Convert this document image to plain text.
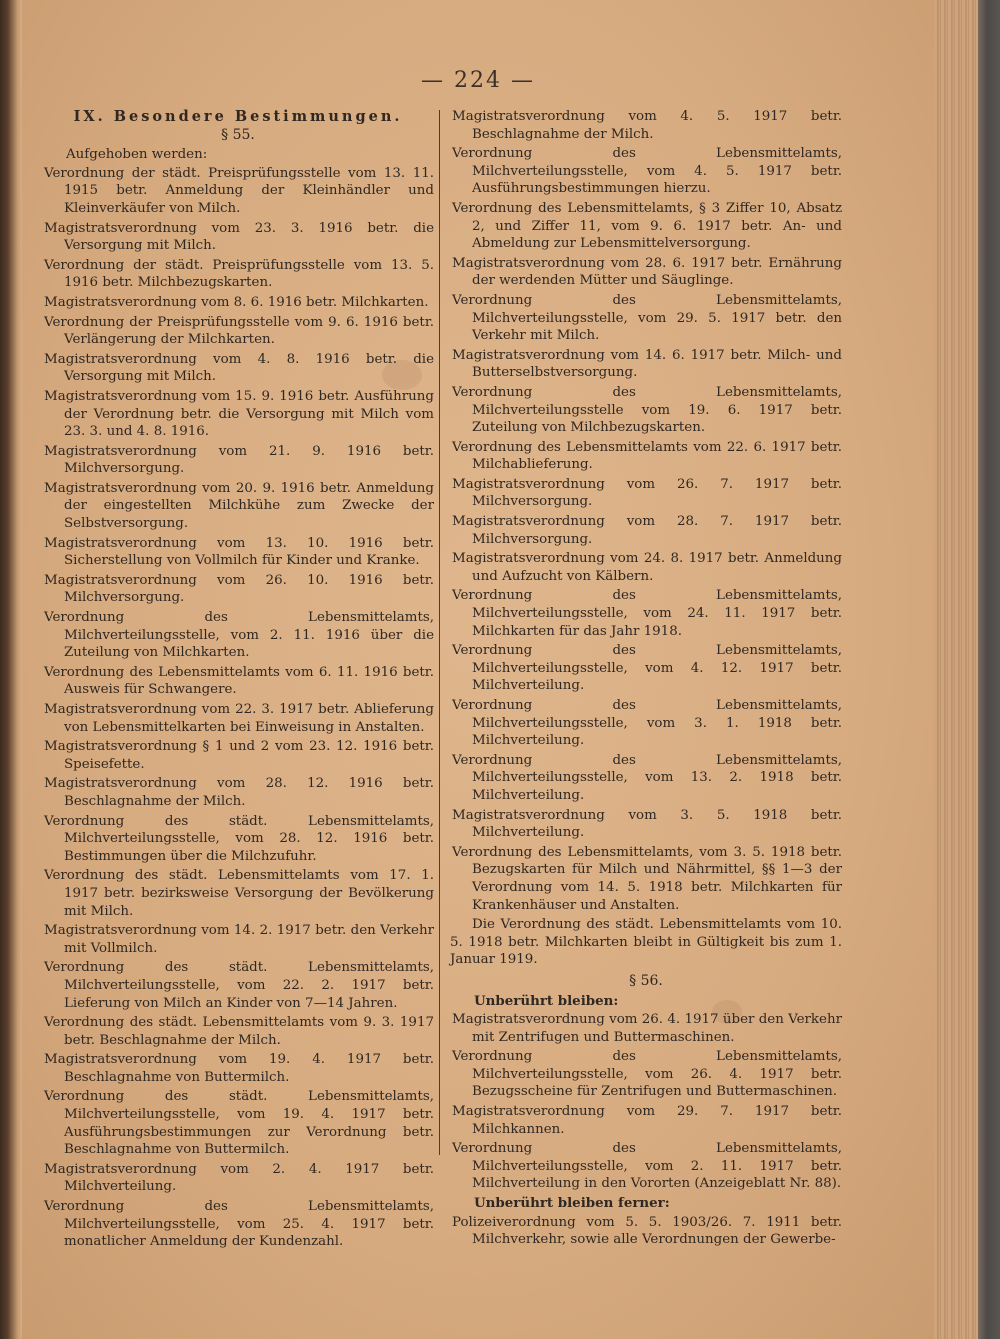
— 224 —
IX. Besondere Bestimmungen.
§ 55.
Aufgehoben werden:
Verordnung der städt. Preisprüfungsstelle vom 13. 11. 1915 betr. Anmeldung der Kleinhändler und Kleinverkäufer von Milch.
Magistratsverordnung vom 23. 3. 1916 betr. die Versorgung mit Milch.
Verordnung der städt. Preisprüfungsstelle vom 13. 5. 1916 betr. Milchbezugskarten.
Magistratsverordnung vom 8. 6. 1916 betr. Milchkarten.
Verordnung der Preisprüfungsstelle vom 9. 6. 1916 betr. Verlängerung der Milchkarten.
Magistratsverordnung vom 4. 8. 1916 betr. die Versorgung mit Milch.
Magistratsverordnung vom 15. 9. 1916 betr. Ausführung der Verordnung betr. die Versorgung mit Milch vom 23. 3. und 4. 8. 1916.
Magistratsverordnung vom 21. 9. 1916 betr. Milchversorgung.
Magistratsverordnung vom 20. 9. 1916 betr. Anmeldung der eingestellten Milchkühe zum Zwecke der Selbstversorgung.
Magistratsverordnung vom 13. 10. 1916 betr. Sicherstellung von Vollmilch für Kinder und Kranke.
Magistratsverordnung vom 26. 10. 1916 betr. Milchversorgung.
Verordnung des Lebensmittelamts, Milchverteilungsstelle, vom 2. 11. 1916 über die Zuteilung von Milchkarten.
Verordnung des Lebensmittelamts vom 6. 11. 1916 betr. Ausweis für Schwangere.
Magistratsverordnung vom 22. 3. 1917 betr. Ablieferung von Lebensmittelkarten bei Einweisung in Anstalten.
Magistratsverordnung § 1 und 2 vom 23. 12. 1916 betr. Speisefette.
Magistratsverordnung vom 28. 12. 1916 betr. Beschlagnahme der Milch.
Verordnung des städt. Lebensmittelamts, Milchverteilungsstelle, vom 28. 12. 1916 betr. Bestimmungen über die Milchzufuhr.
Verordnung des städt. Lebensmittelamts vom 17. 1. 1917 betr. bezirksweise Versorgung der Bevölkerung mit Milch.
Magistratsverordnung vom 14. 2. 1917 betr. den Verkehr mit Vollmilch.
Verordnung des städt. Lebensmittelamts, Milchverteilungsstelle, vom 22. 2. 1917 betr. Lieferung von Milch an Kinder von 7—14 Jahren.
Verordnung des städt. Lebensmittelamts vom 9. 3. 1917 betr. Beschlagnahme der Milch.
Magistratsverordnung vom 19. 4. 1917 betr. Beschlagnahme von Buttermilch.
Verordnung des städt. Lebensmittelamts, Milchverteilungsstelle, vom 19. 4. 1917 betr. Ausführungsbestimmungen zur Verordnung betr. Beschlagnahme von Buttermilch.
Magistratsverordnung vom 2. 4. 1917 betr. Milchverteilung.
Verordnung des Lebensmittelamts, Milchverteilungsstelle, vom 25. 4. 1917 betr. monatlicher Anmeldung der Kundenzahl.
Magistratsverordnung vom 4. 5. 1917 betr. Beschlagnahme der Milch.
Verordnung des Lebensmittelamts, Milchverteilungsstelle, vom 4. 5. 1917 betr. Ausführungsbestimmungen hierzu.
Verordnung des Lebensmittelamts, § 3 Ziffer 10, Absatz 2, und Ziffer 11, vom 9. 6. 1917 betr. An- und Abmeldung zur Lebensmittelversorgung.
Magistratsverordnung vom 28. 6. 1917 betr. Ernährung der werdenden Mütter und Säuglinge.
Verordnung des Lebensmittelamts, Milchverteilungsstelle, vom 29. 5. 1917 betr. den Verkehr mit Milch.
Magistratsverordnung vom 14. 6. 1917 betr. Milch- und Butterselbstversorgung.
Verordnung des Lebensmittelamts, Milchverteilungsstelle vom 19. 6. 1917 betr. Zuteilung von Milchbezugskarten.
Verordnung des Lebensmittelamts vom 22. 6. 1917 betr. Milchablieferung.
Magistratsverordnung vom 26. 7. 1917 betr. Milchversorgung.
Magistratsverordnung vom 28. 7. 1917 betr. Milchversorgung.
Magistratsverordnung vom 24. 8. 1917 betr. Anmeldung und Aufzucht von Kälbern.
Verordnung des Lebensmittelamts, Milchverteilungsstelle, vom 24. 11. 1917 betr. Milchkarten für das Jahr 1918.
Verordnung des Lebensmittelamts, Milchverteilungsstelle, vom 4. 12. 1917 betr. Milchverteilung.
Verordnung des Lebensmittelamts, Milchverteilungsstelle, vom 3. 1. 1918 betr. Milchverteilung.
Verordnung des Lebensmittelamts, Milchverteilungsstelle, vom 13. 2. 1918 betr. Milchverteilung.
Magistratsverordnung vom 3. 5. 1918 betr. Milchverteilung.
Verordnung des Lebensmittelamts, vom 3. 5. 1918 betr. Bezugskarten für Milch und Nährmittel, §§ 1—3 der Verordnung vom 14. 5. 1918 betr. Milchkarten für Krankenhäuser und Anstalten.
Die Verordnung des städt. Lebensmittelamts vom 10. 5. 1918 betr. Milchkarten bleibt in Gültigkeit bis zum 1. Januar 1919.
§ 56.
Unberührt bleiben:
Magistratsverordnung vom 26. 4. 1917 über den Verkehr mit Zentrifugen und Buttermaschinen.
Verordnung des Lebensmittelamts, Milchverteilungsstelle, vom 26. 4. 1917 betr. Bezugsscheine für Zentrifugen und Buttermaschinen.
Magistratsverordnung vom 29. 7. 1917 betr. Milchkannen.
Verordnung des Lebensmittelamts, Milchverteilungsstelle, vom 2. 11. 1917 betr. Milchverteilung in den Vororten (Anzeigeblatt Nr. 88).
Unberührt bleiben ferner:
Polizeiverordnung vom 5. 5. 1903/26. 7. 1911 betr. Milchverkehr, sowie alle Verordnungen der Gewerbe-
